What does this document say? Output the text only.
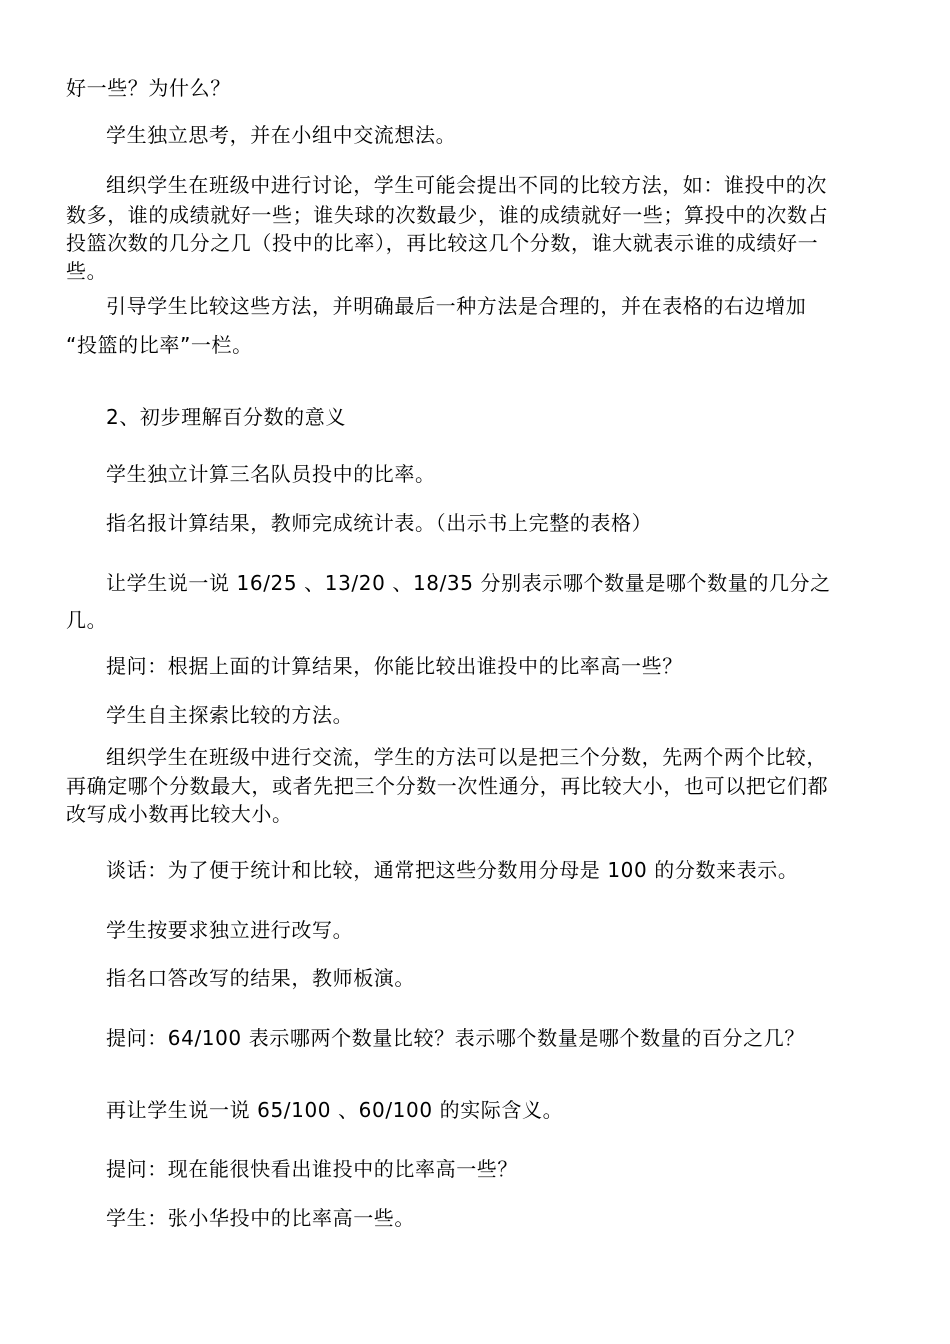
好一些？为什么？

学生独立思考，并在小组中交流想法。

组织学生在班级中进行讨论，学生可能会提出不同的比较方法，如：谁投中的次

数多，谁的成绩就好一些；谁失球的次数最少，谁的成绩就好一些；算投中的次数占

投篮次数的几分之几（投中的比率），再比较这几个分数，谁大就表示谁的成绩好一

些。

引导学生比较这些方法，并明确最后一种方法是合理的，并在表格的右边增加

“投篮的比率”一栏。

2、初步理解百分数的意义

学生独立计算三名队员投中的比率。

指名报计算结果，教师完成统计表。（出示书上完整的表格）

让学生说一说 16/25 、13/20 、18/35 分别表示哪个数量是哪个数量的几分之

几。

提问：根据上面的计算结果，你能比较出谁投中的比率高一些？

学生自主探索比较的方法。

组织学生在班级中进行交流，学生的方法可以是把三个分数，先两个两个比较，

再确定哪个分数最大，或者先把三个分数一次性通分，再比较大小，也可以把它们都

改写成小数再比较大小。

谈话：为了便于统计和比较，通常把这些分数用分母是 100 的分数来表示。

学生按要求独立进行改写。

指名口答改写的结果，教师板演。

提问：64/100 表示哪两个数量比较？表示哪个数量是哪个数量的百分之几？

再让学生说一说 65/100 、60/100 的实际含义。

提问：现在能很快看出谁投中的比率高一些？

学生：张小华投中的比率高一些。
